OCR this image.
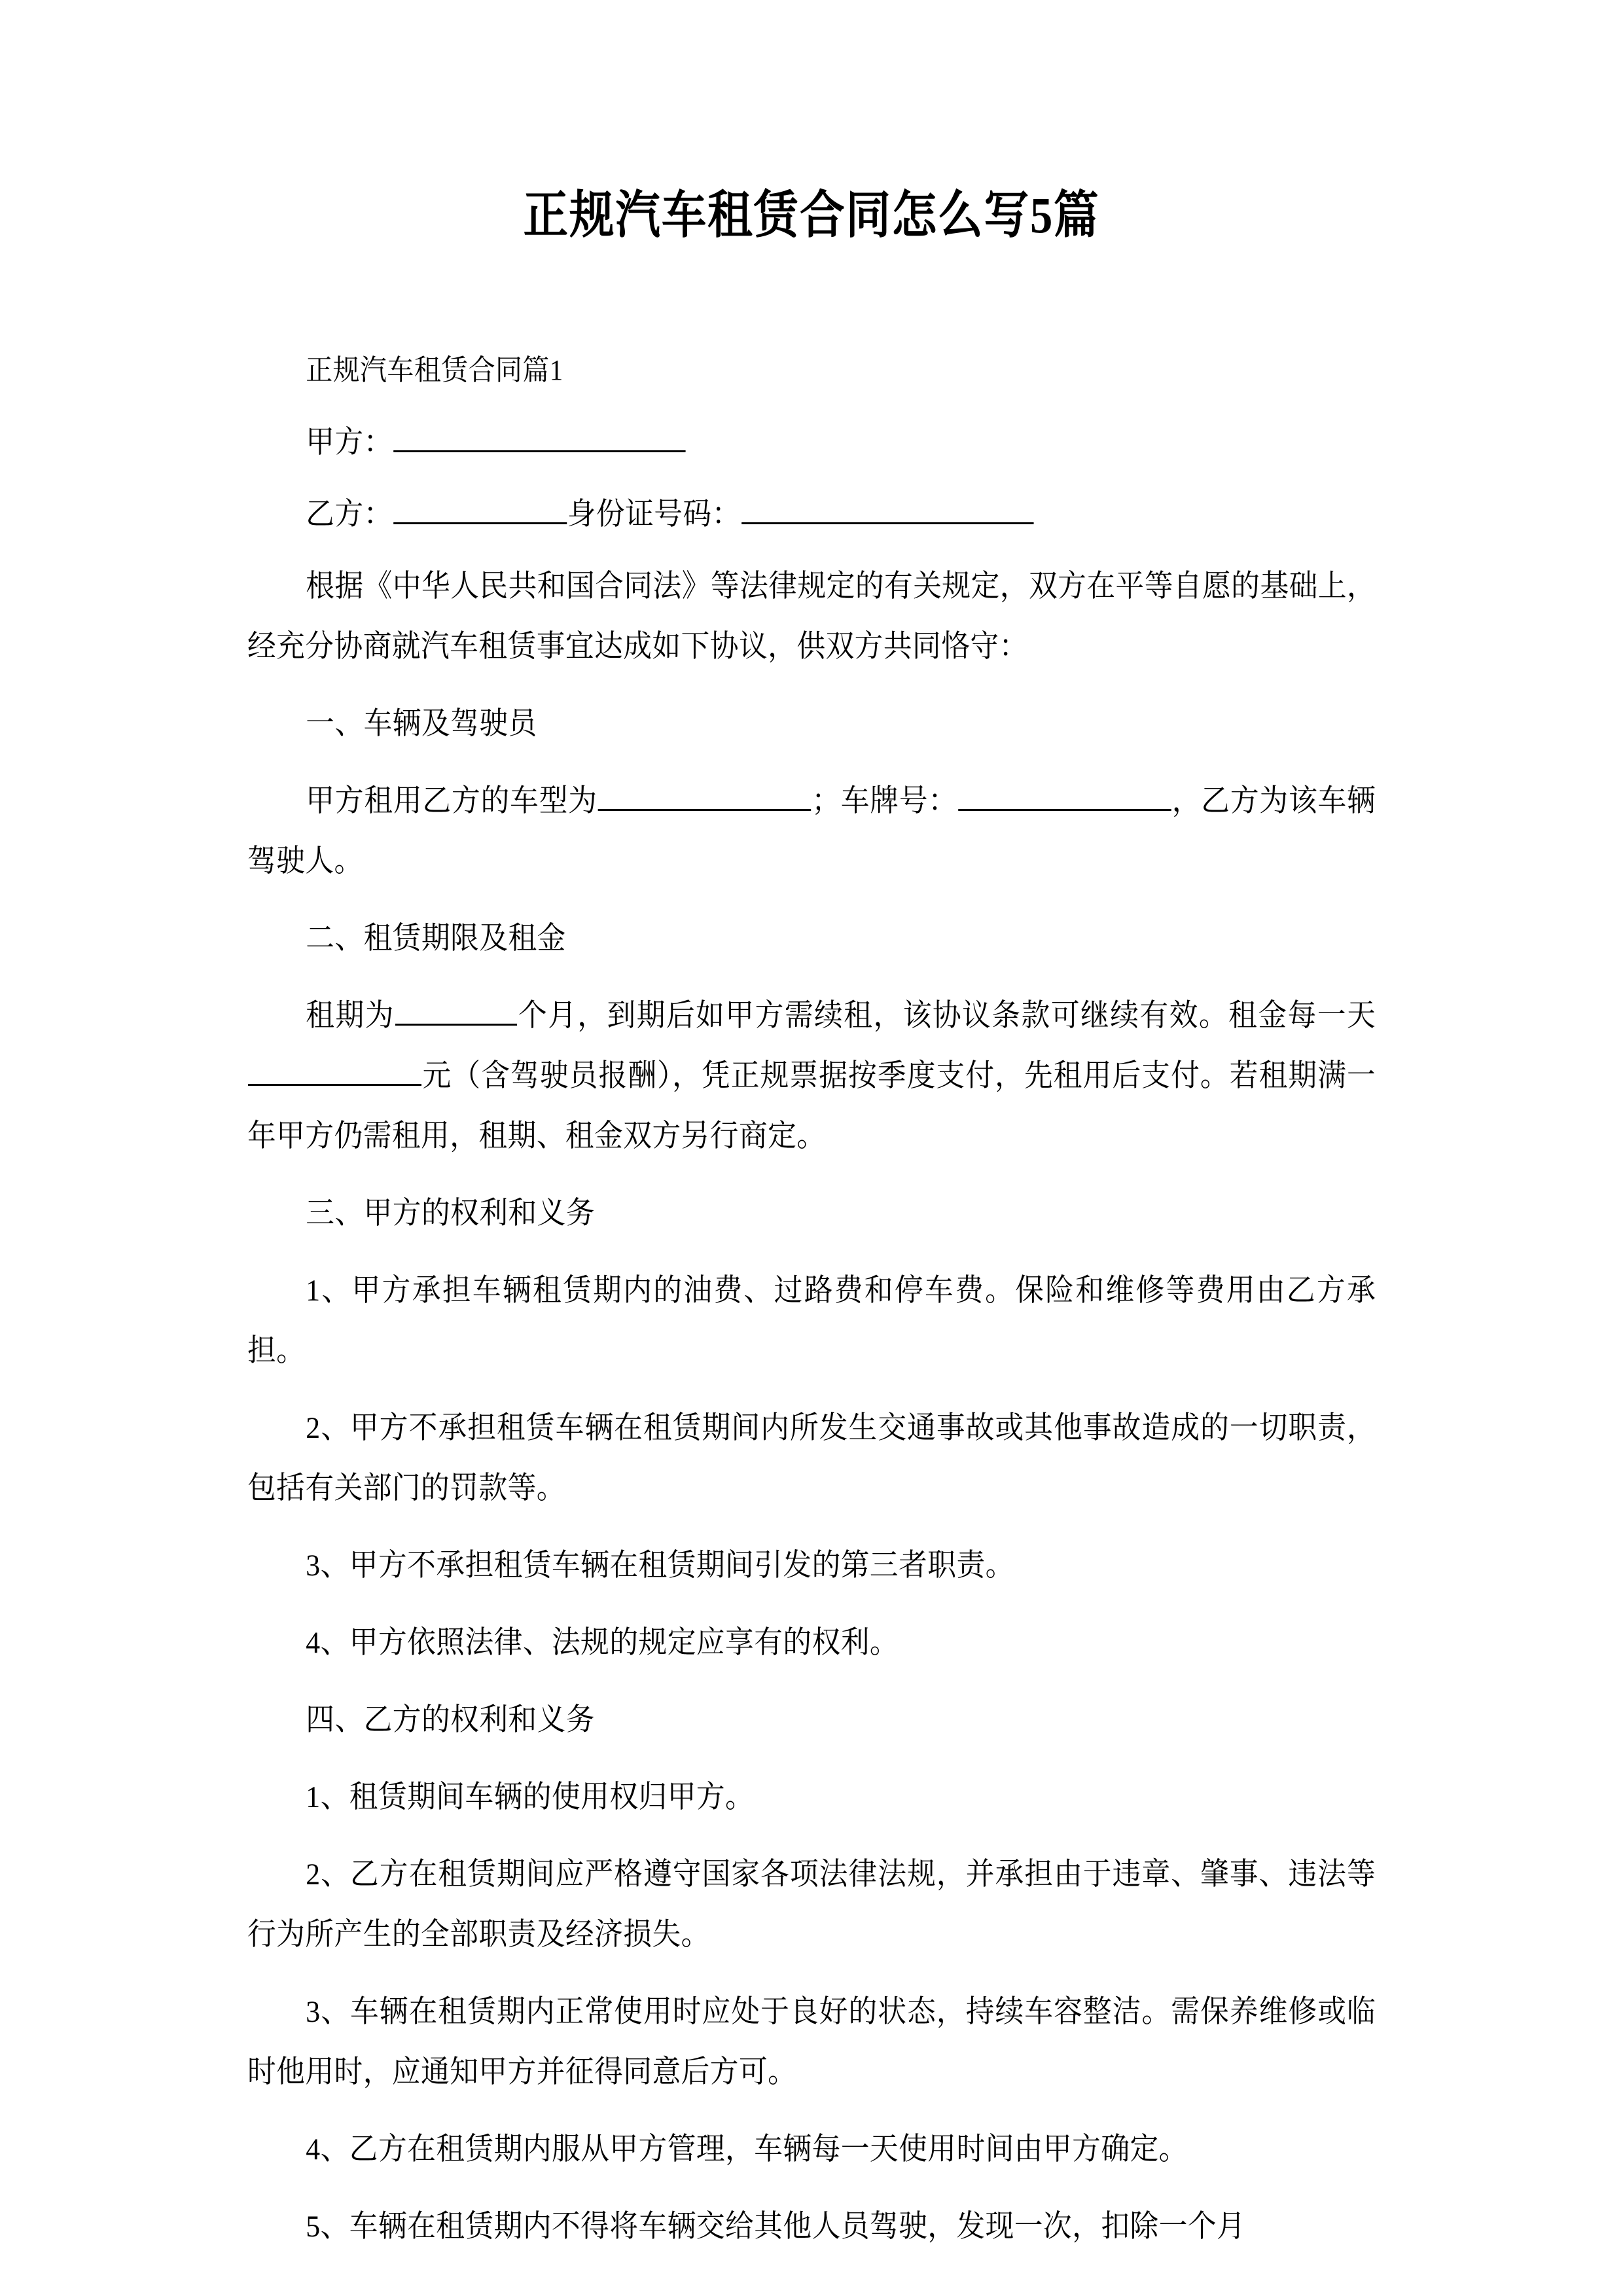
正规汽车租赁合同怎么写5篇

正规汽车租赁合同篇1

甲方：

乙方：	身份证号码：

根据《中华人民共和国合同法》等法律规定的有关规定，双方在平等自愿的基础上，经充分协商就汽车租赁事宜达成如下协议，供双方共同恪守：

一、车辆及驾驶员

甲方租用乙方的车型为	；车牌号：	，乙方为该车辆驾驶人。

二、租赁期限及租金

租期为	个月，到期后如甲方需续租，该协议条款可继续有效。租金每一天元（含驾驶员报酬），凭正规票据按季度支付，先租用后支付。若租期满一年甲方仍需租用，租期、租金双方另行商定。

三、甲方的权利和义务

1、甲方承担车辆租赁期内的油费、过路费和停车费。保险和维修等费用由乙方承担。

2、甲方不承担租赁车辆在租赁期间内所发生交通事故或其他事故造成的一切职责，包括有关部门的罚款等。

3、甲方不承担租赁车辆在租赁期间引发的第三者职责。

4、甲方依照法律、法规的规定应享有的权利。

四、乙方的权利和义务

1、租赁期间车辆的使用权归甲方。

2、乙方在租赁期间应严格遵守国家各项法律法规，并承担由于违章、肇事、违法等行为所产生的全部职责及经济损失。

3、车辆在租赁期内正常使用时应处于良好的状态，持续车容整洁。需保养维修或临时他用时，应通知甲方并征得同意后方可。

4、乙方在租赁期内服从甲方管理，车辆每一天使用时间由甲方确定。

5、车辆在租赁期内不得将车辆交给其他人员驾驶，发现一次，扣除一个月
